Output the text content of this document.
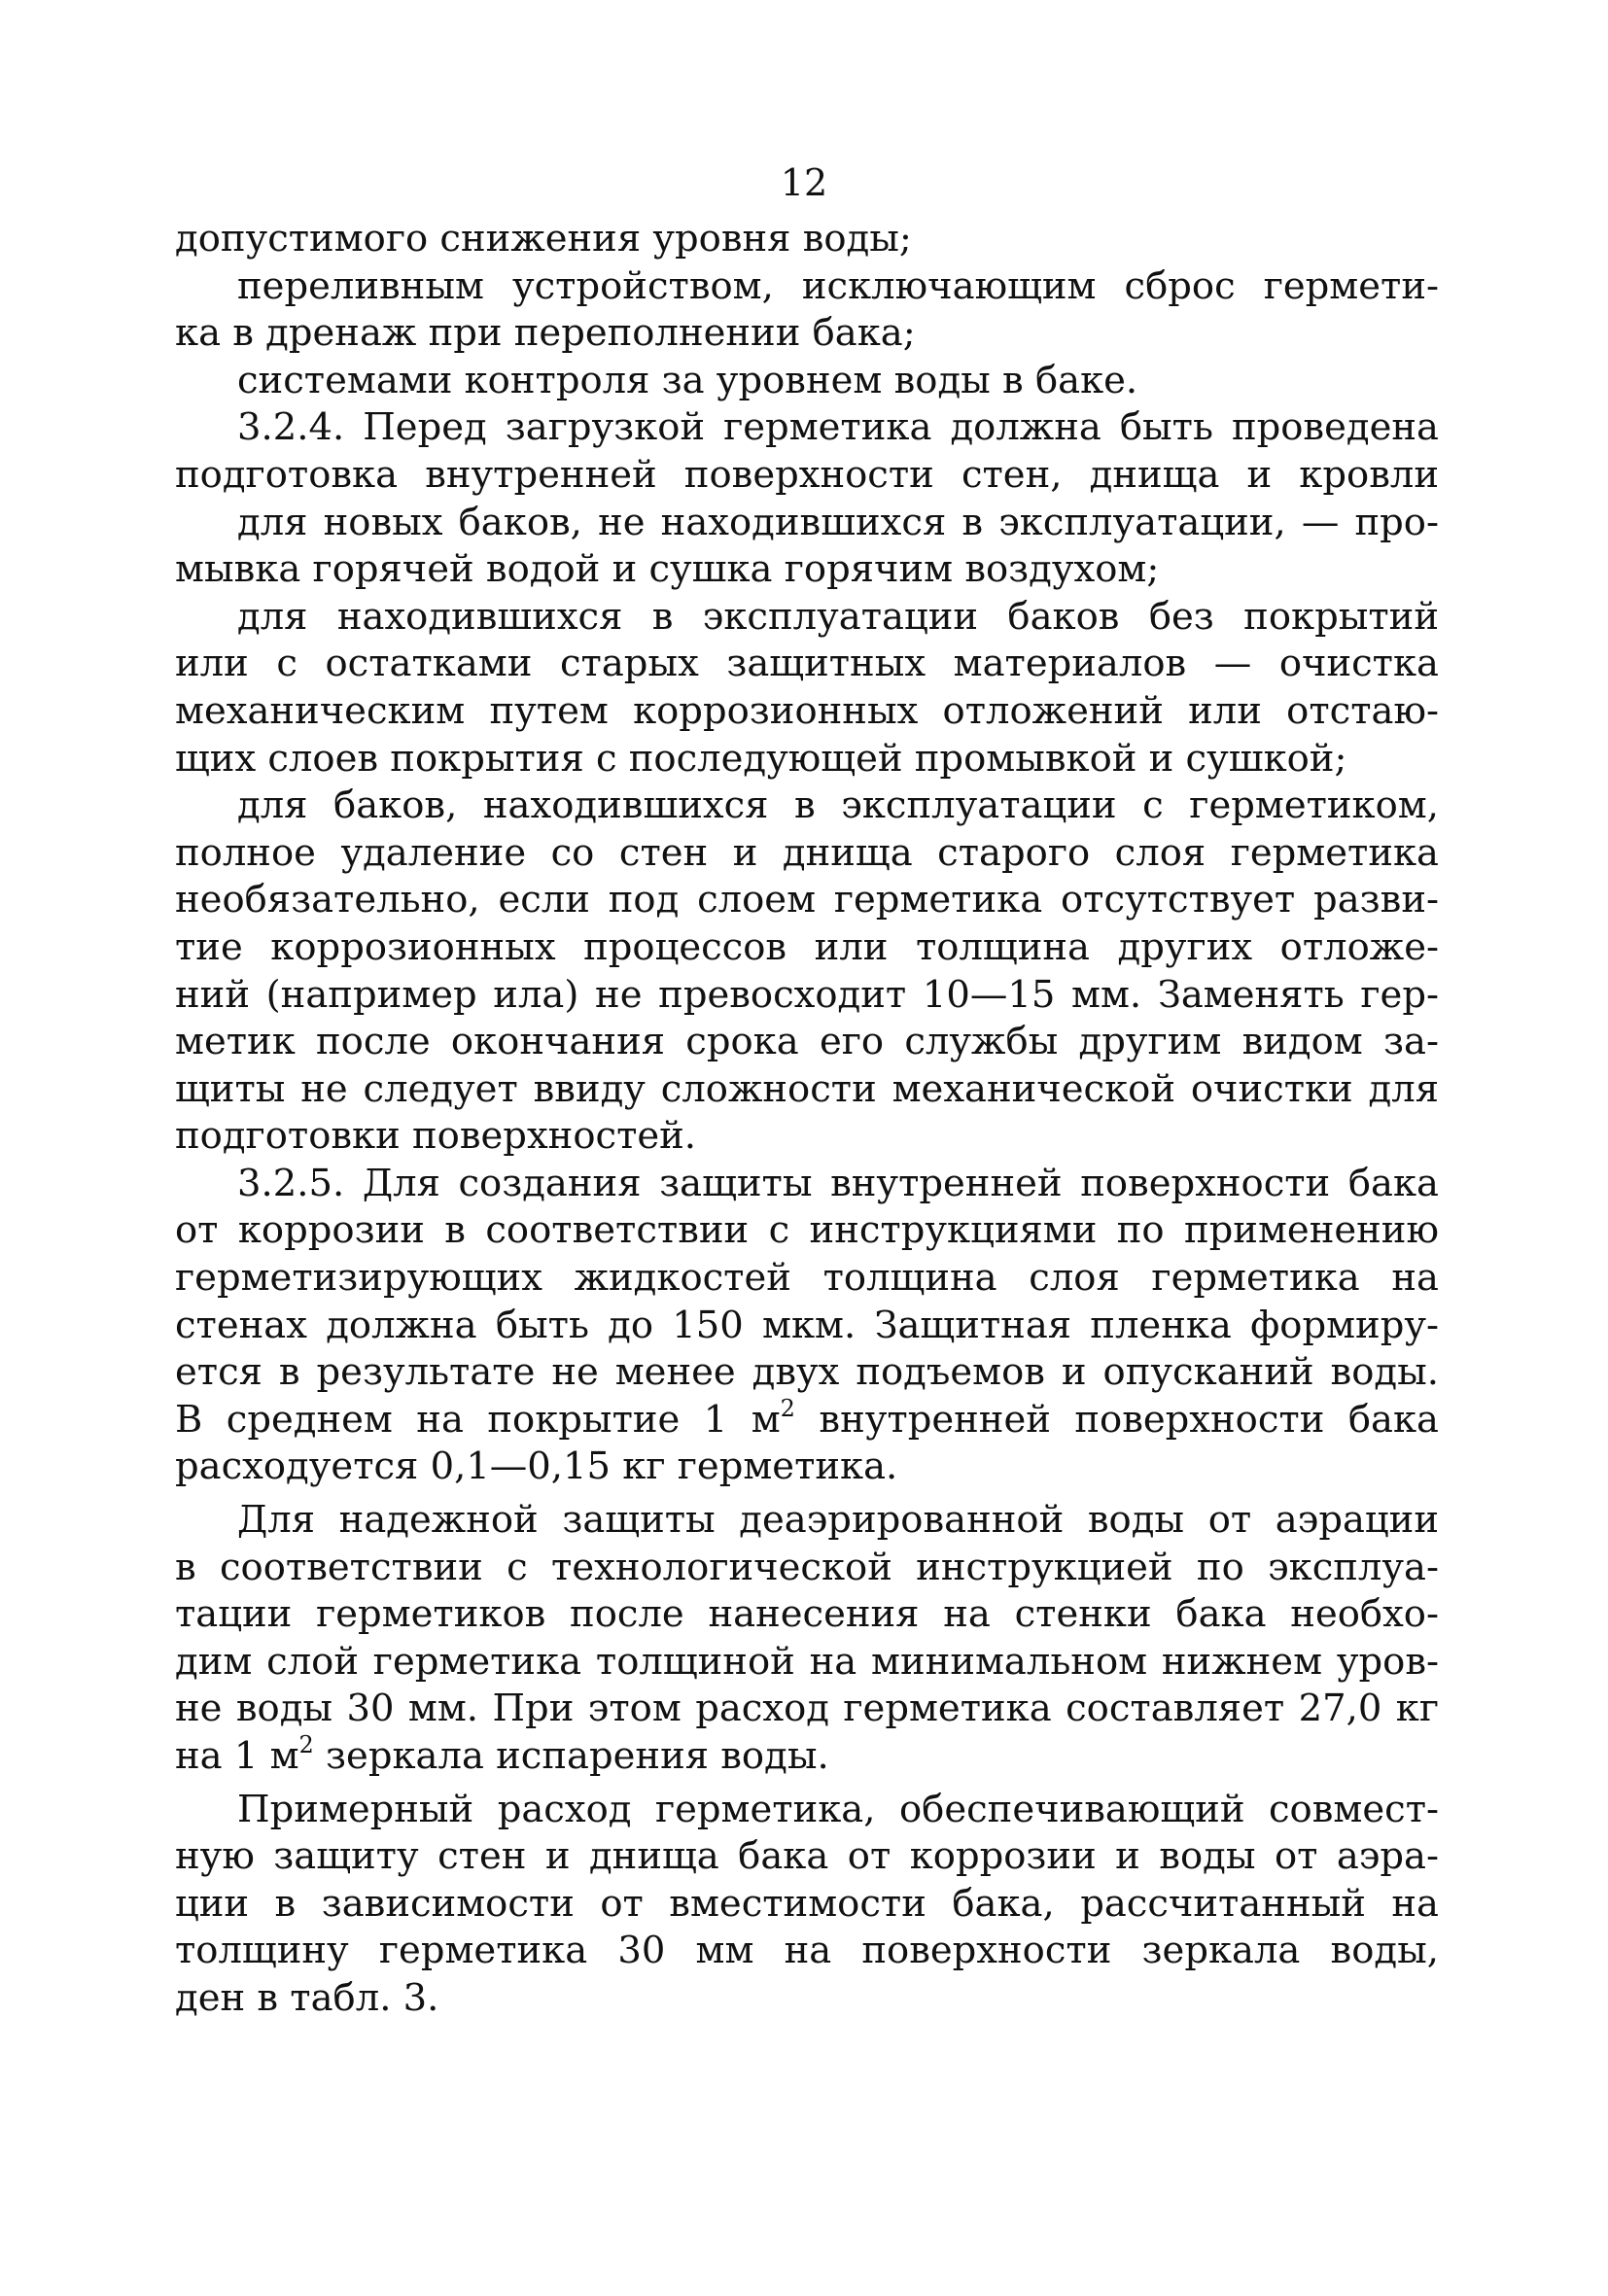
12
допустимого снижения уровня воды;
переливным устройством, исключающим сброс гермети-
ка в дренаж при переполнении бака;
системами контроля за уровнем воды в баке.
3.2.4. Перед загрузкой герметика должна быть проведена
подготовка внутренней поверхности стен, днища и кровли
для новых баков, не находившихся в эксплуатации, — про-
мывка горячей водой и сушка горячим воздухом;
для находившихся в эксплуатации баков без покрытий
или с остатками старых защитных материалов — очистка
механическим путем коррозионных отложений или отстаю-
щих слоев покрытия с последующей промывкой и сушкой;
для баков, находившихся в эксплуатации с герметиком,
полное удаление со стен и днища старого слоя герметика
необязательно, если под слоем герметика отсутствует разви-
тие коррозионных процессов или толщина других отложе-
ний (например ила) не превосходит 10—15 мм. Заменять гер-
метик после окончания срока его службы другим видом за-
щиты не следует ввиду сложности механической очистки для
подготовки поверхностей.
3.2.5. Для создания защиты внутренней поверхности бака
от коррозии в соответствии с инструкциями по применению
герметизирующих жидкостей толщина слоя герметика на
стенах должна быть до 150 мкм. Защитная пленка формиру-
ется в результате не менее двух подъемов и опусканий воды.
В среднем на покрытие 1 $м^2$ внутренней поверхности бака
расходуется 0,1—0,15 кг герметика.
Для надежной защиты деаэрированной воды от аэрации
в соответствии с технологической инструкцией по эксплуа-
тации герметиков после нанесения на стенки бака необхо-
дим слой герметика толщиной на минимальном нижнем уров-
не воды 30 мм. При этом расход герметика составляет 27,0 кг
на 1 $м^2$ зеркала испарения воды.
Примерный расход герметика, обеспечивающий совмест-
ную защиту стен и днища бака от коррозии и воды от аэра-
ции в зависимости от вместимости бака, рассчитанный на
толщину герметика 30 мм на поверхности зеркала воды,
ден в табл. 3.
